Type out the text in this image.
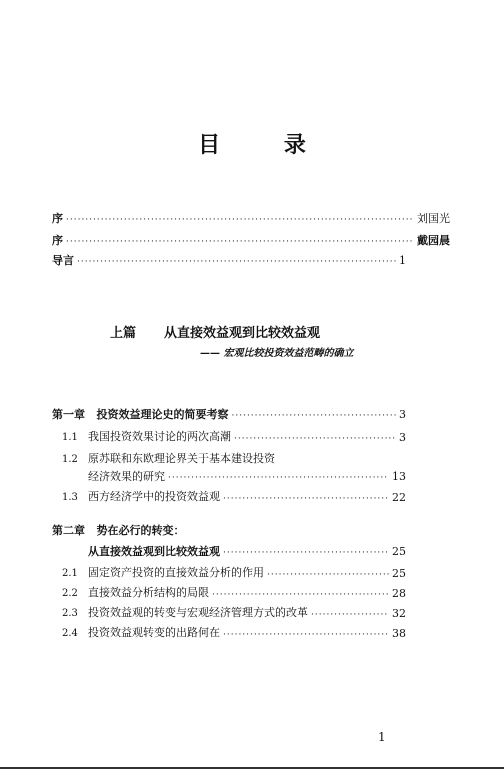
目 录
序 ·····	刘国光
序 ·····	戴园晨
导言 ·····	1
上篇 从直接效益观到比较效益观
—— 宏观比较投资效益范畴的确立
第一章 投资效益理论史的简要考察 ·····	3
1.1 我国投资效果讨论的两次高潮 ·····	3
1.2 原苏联和东欧理论界关于基本建设投资
经济效果的研究 ·····	13
1.3 西方经济学中的投资效益观 ·····	22
第二章 势在必行的转变：
从直接效益观到比较效益观 ·····	25
2.1 固定资产投资的直接效益分析的作用 ·····	25
2.2 直接效益分析结构的局限 ·····	28
2.3 投资效益观的转变与宏观经济管理方式的改革 ·····	32
2.4 投资效益观转变的出路何在 ·····	38
1
